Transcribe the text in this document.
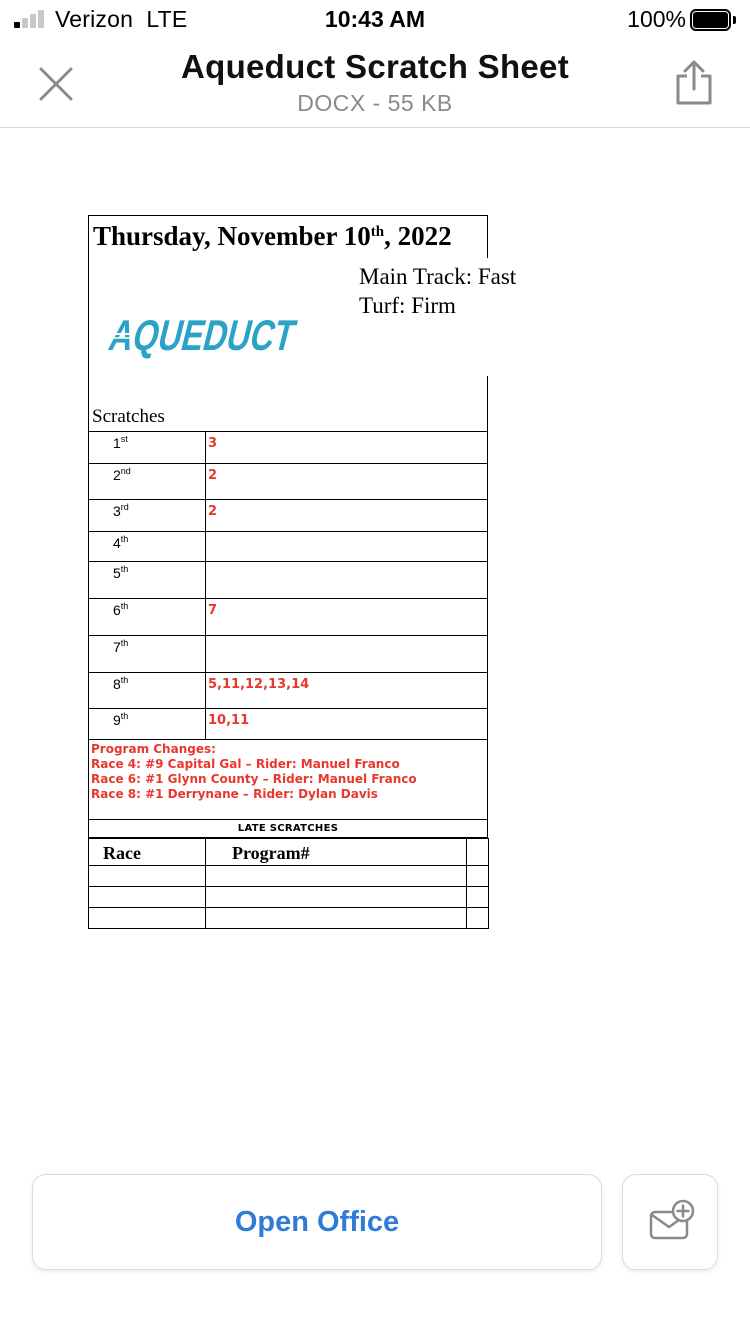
Verizon LTE	10:43 AM	100%
Aqueduct Scratch Sheet
DOCX - 55 KB
Thursday, November 10th, 2022
Main Track: Fast
Turf: Firm
AQUEDUCT
Scratches
1st	3
2nd	2
3rd	2
4th	
5th	
6th	7
7th	
8th	5,11,12,13,14
9th	10,11
Program Changes:
Race 4: #9 Capital Gal – Rider: Manuel Franco
Race 6: #1 Glynn County – Rider: Manuel Franco
Race 8: #1 Derrynane – Rider: Dylan Davis
LATE SCRATCHES
Race	Program#	

Open Office
